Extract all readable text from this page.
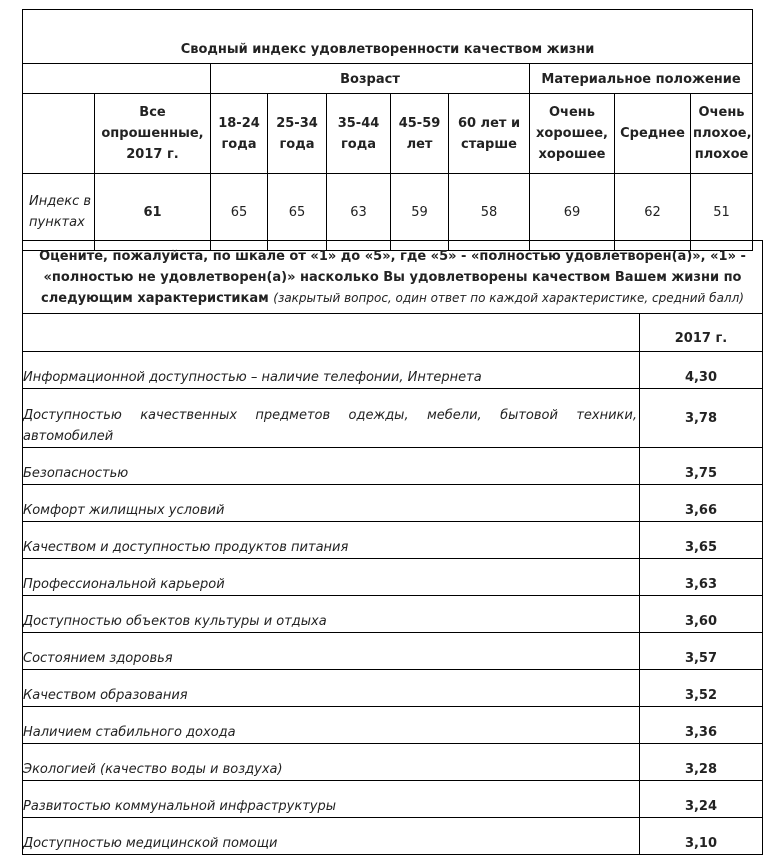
Сводный индекс удовлетворенности качеством жизни									
		Возраст					Материальное положение		
	Все опрошенные, 2017 г.	18-24 года	25-34 года	35-44 года	45-59 лет	60 лет и старше	Очень хорошее, хорошее	Среднее	Очень плохое, плохое
Индекс в пунктах	61	65	65	63	59	58	69	62	51
Оцените, пожалуйста, по шкале от «1» до «5», где «5» - «полностью удовлетворен(а)», «1» - «полностью не удовлетворен(а)» насколько Вы удовлетворены качеством Вашем жизни по следующим характеристикам (закрытый вопрос, один ответ по каждой характеристике, средний балл)	
	2017 г.
Информационной доступностью – наличие телефонии, Интернета	4,30
Доступностью качественных предметов одежды, мебели, бытовой техники, автомобилей	3,78
Безопасностью	3,75
Комфорт жилищных условий	3,66
Качеством и доступностью продуктов питания	3,65
Профессиональной карьерой	3,63
Доступностью объектов культуры и отдыха	3,60
Состоянием здоровья	3,57
Качеством образования	3,52
Наличием стабильного дохода	3,36
Экологией (качество воды и воздуха)	3,28
Развитостью коммунальной инфраструктуры	3,24
Доступностью медицинской помощи	3,10
